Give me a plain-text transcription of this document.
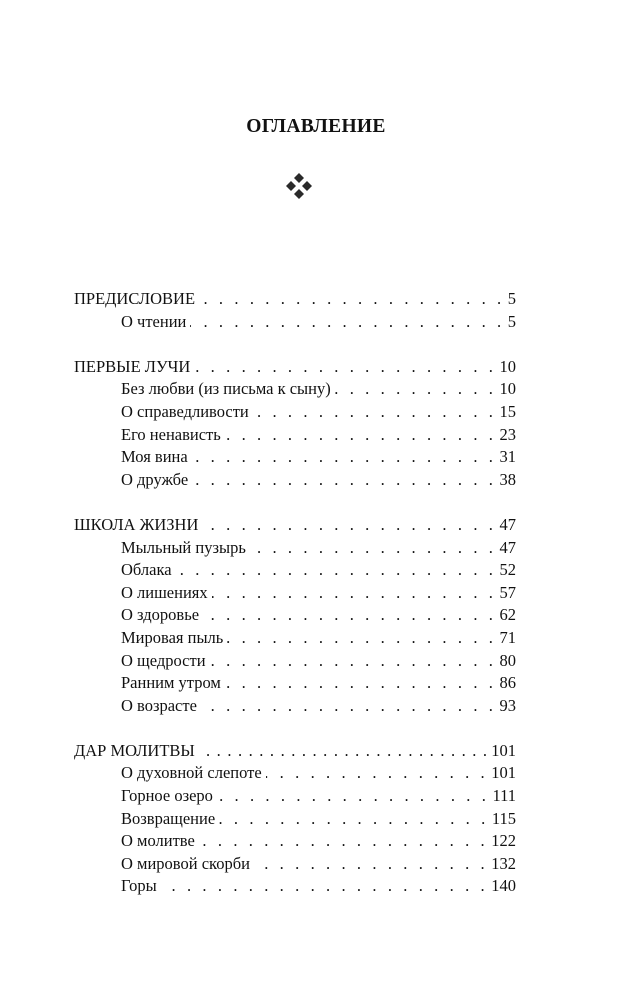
ОГЛАВЛЕНИЕ
ПРЕДИСЛОВИЕ . . .	5
О чтении . . .	5
ПЕРВЫЕ ЛУЧИ . . .	10
Без любви (из письма к сыну) . . .	10
О справедливости . . .	15
Его ненависть . . .	23
Моя вина . . .	31
О дружбе . . .	38
ШКОЛА ЖИЗНИ . . .	47
Мыльный пузырь . . .	47
Облака . . .	52
О лишениях . . .	57
О здоровье . . .	62
Мировая пыль . . .	71
О щедрости . . .	80
Ранним утром . . .	86
О возрасте . . .	93
ДАР МОЛИТВЫ . . .	101
О духовной слепоте . . .	101
Горное озеро . . .	111
Возвращение . . .	115
О молитве . . .	122
О мировой скорби . . .	132
Горы . . .	140
